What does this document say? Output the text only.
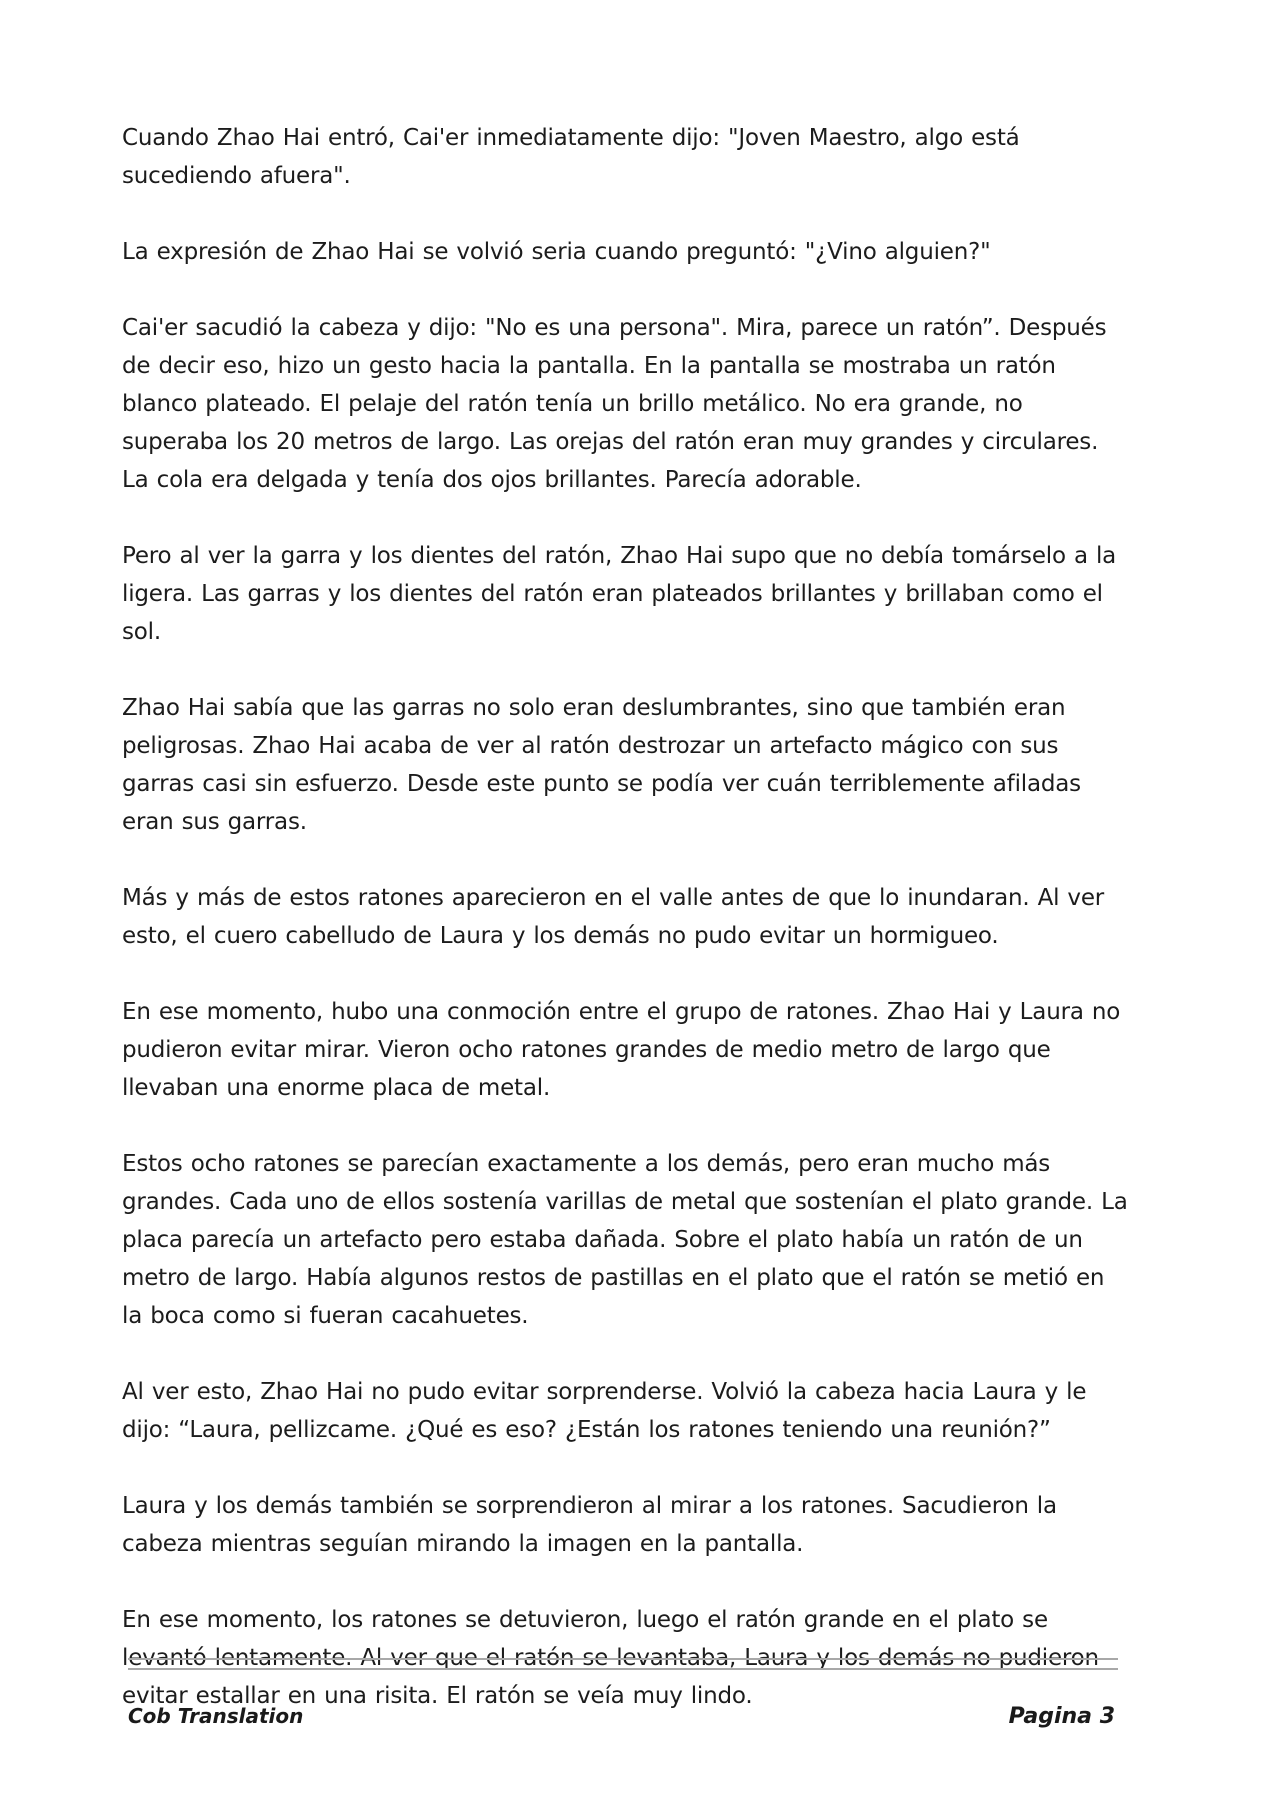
Cuando Zhao Hai entró, Cai'er inmediatamente dijo: "Joven Maestro, algo está sucediendo afuera".

La expresión de Zhao Hai se volvió seria cuando preguntó: "¿Vino alguien?"

Cai'er sacudió la cabeza y dijo: "No es una persona". Mira, parece un ratón”. Después de decir eso, hizo un gesto hacia la pantalla. En la pantalla se mostraba un ratón blanco plateado. El pelaje del ratón tenía un brillo metálico. No era grande, no superaba los 20 metros de largo. Las orejas del ratón eran muy grandes y circulares. La cola era delgada y tenía dos ojos brillantes. Parecía adorable.

Pero al ver la garra y los dientes del ratón, Zhao Hai supo que no debía tomárselo a la ligera. Las garras y los dientes del ratón eran plateados brillantes y brillaban como el sol.

Zhao Hai sabía que las garras no solo eran deslumbrantes, sino que también eran peligrosas. Zhao Hai acaba de ver al ratón destrozar un artefacto mágico con sus garras casi sin esfuerzo. Desde este punto se podía ver cuán terriblemente afiladas eran sus garras.

Más y más de estos ratones aparecieron en el valle antes de que lo inundaran. Al ver esto, el cuero cabelludo de Laura y los demás no pudo evitar un hormigueo.

En ese momento, hubo una conmoción entre el grupo de ratones. Zhao Hai y Laura no pudieron evitar mirar. Vieron ocho ratones grandes de medio metro de largo que llevaban una enorme placa de metal.

Estos ocho ratones se parecían exactamente a los demás, pero eran mucho más grandes. Cada uno de ellos sostenía varillas de metal que sostenían el plato grande. La placa parecía un artefacto pero estaba dañada. Sobre el plato había un ratón de un metro de largo. Había algunos restos de pastillas en el plato que el ratón se metió en la boca como si fueran cacahuetes.

Al ver esto, Zhao Hai no pudo evitar sorprenderse. Volvió la cabeza hacia Laura y le dijo: “Laura, pellizcame. ¿Qué es eso? ¿Están los ratones teniendo una reunión?”

Laura y los demás también se sorprendieron al mirar a los ratones. Sacudieron la cabeza mientras seguían mirando la imagen en la pantalla.

En ese momento, los ratones se detuvieron, luego el ratón grande en el plato se levantó lentamente. Al ver que el ratón se levantaba, Laura y los demás no pudieron evitar estallar en una risita. El ratón se veía muy lindo.

Cob Translation	Pagina 3
